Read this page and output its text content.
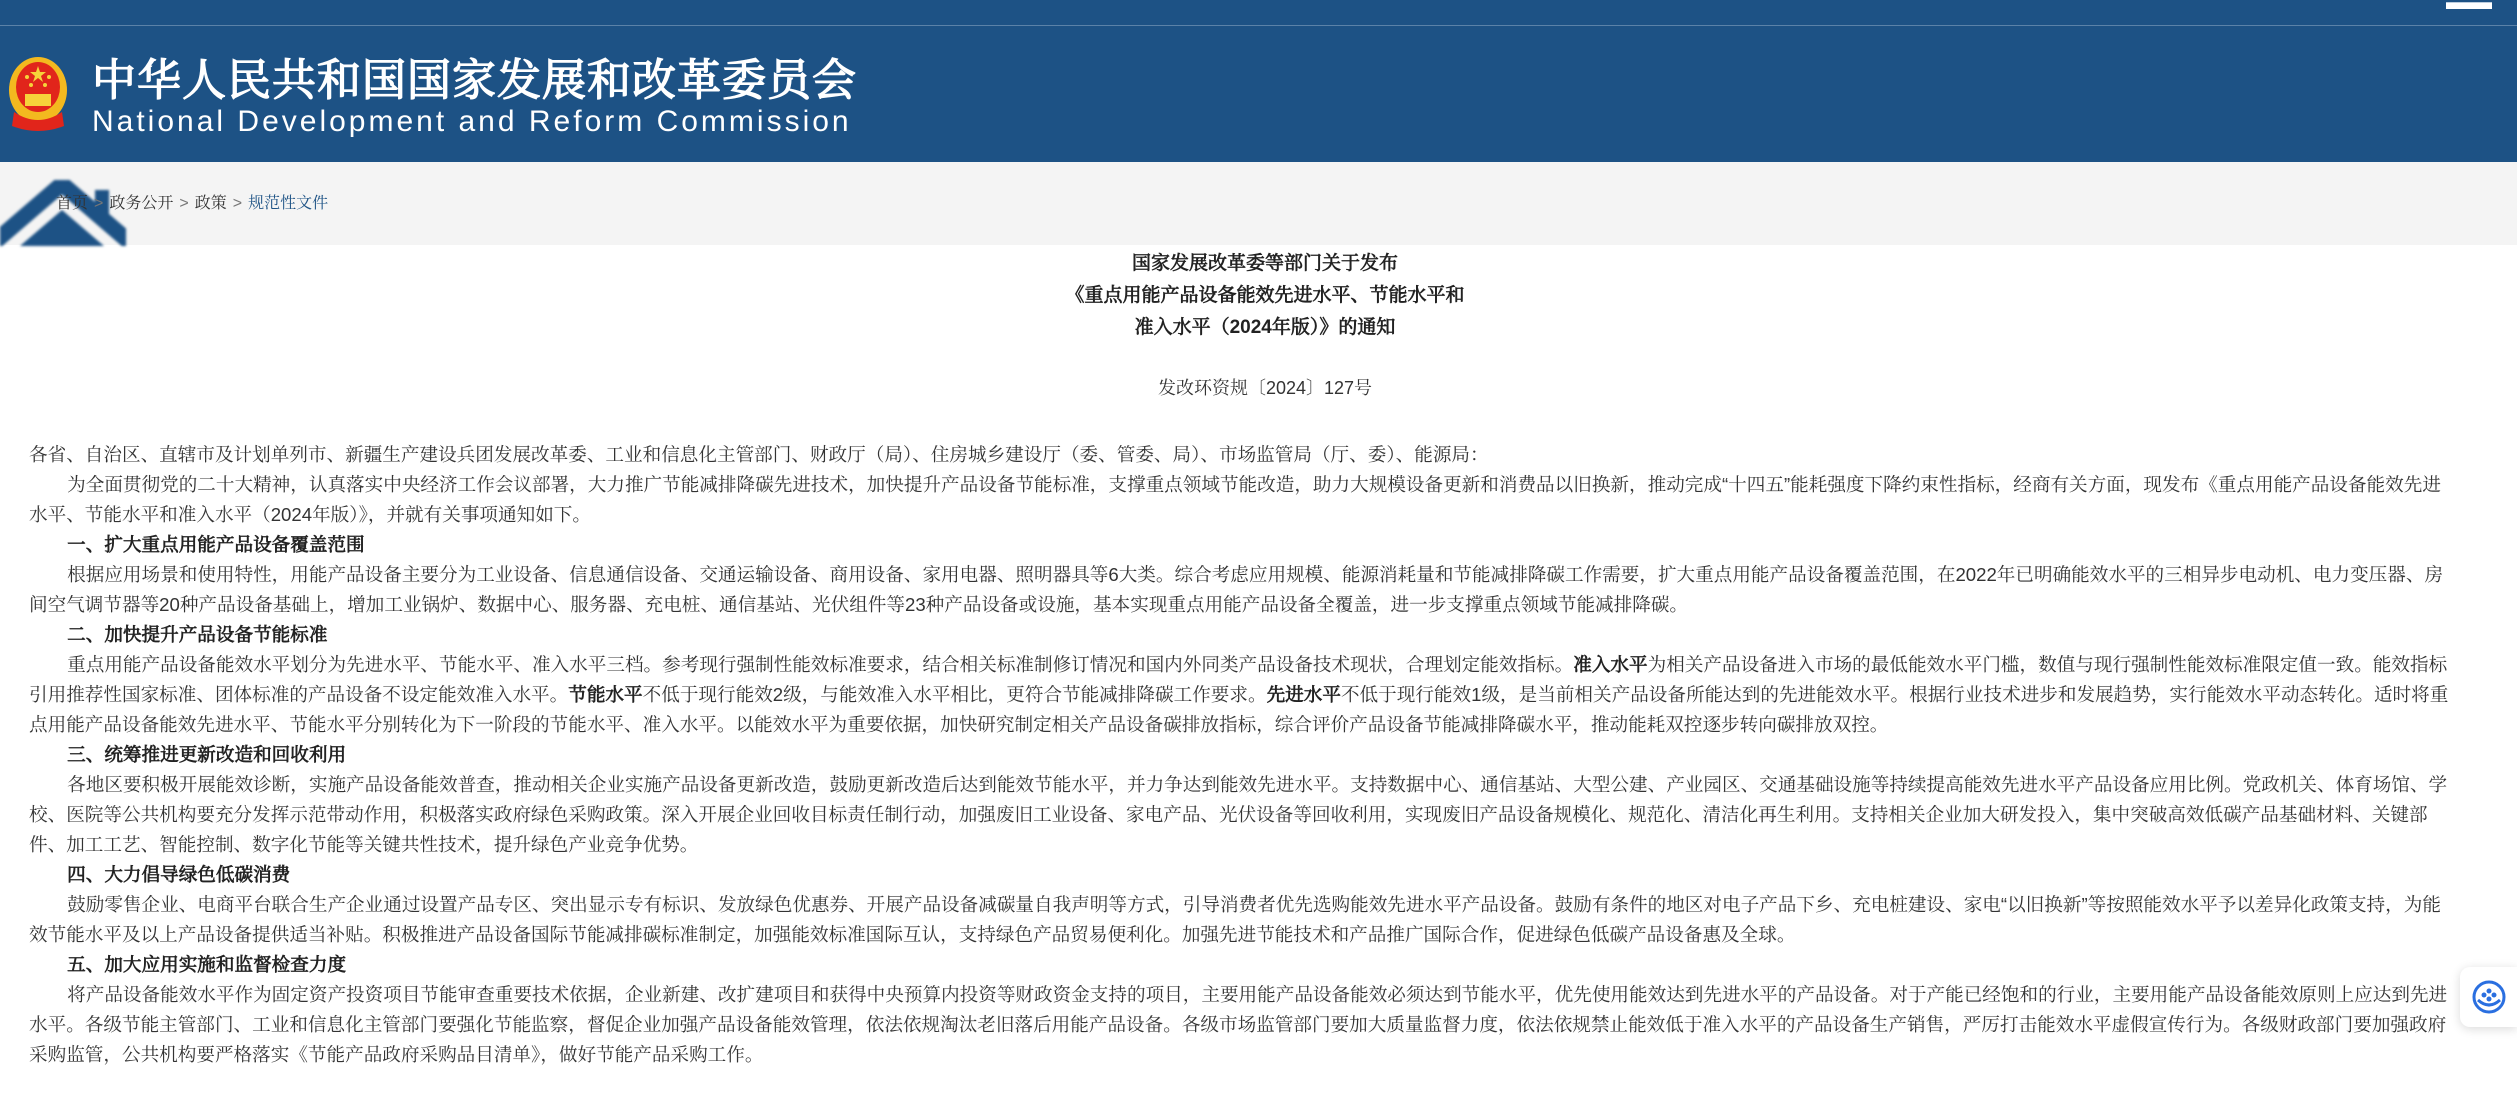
中华人民共和国国家发展和改革委员会
National Development and Reform Commission
首页 > 政务公开 > 政策 > 规范性文件
国家发展改革委等部门关于发布
《重点用能产品设备能效先进水平、节能水平和
准入水平（2024年版）》的通知
发改环资规〔2024〕127号

各省、自治区、直辖市及计划单列市、新疆生产建设兵团发展改革委、工业和信息化主管部门、财政厅（局）、住房城乡建设厅（委、管委、局）、市场监管局（厅、委）、能源局：

为全面贯彻党的二十大精神，认真落实中央经济工作会议部署，大力推广节能减排降碳先进技术，加快提升产品设备节能标准，支撑重点领域节能改造，助力大规模设备更新和消费品以旧换新，推动完成“十四五”能耗强度下降约束性指标，经商有关方面，现发布《重点用能产品设备能效先进水平、节能水平和准入水平（2024年版）》，并就有关事项通知如下。

一、扩大重点用能产品设备覆盖范围

根据应用场景和使用特性，用能产品设备主要分为工业设备、信息通信设备、交通运输设备、商用设备、家用电器、照明器具等6大类。综合考虑应用规模、能源消耗量和节能减排降碳工作需要，扩大重点用能产品设备覆盖范围，在2022年已明确能效水平的三相异步电动机、电力变压器、房间空气调节器等20种产品设备基础上，增加工业锅炉、数据中心、服务器、充电桩、通信基站、光伏组件等23种产品设备或设施，基本实现重点用能产品设备全覆盖，进一步支撑重点领域节能减排降碳。

二、加快提升产品设备节能标准

重点用能产品设备能效水平划分为先进水平、节能水平、准入水平三档。参考现行强制性能效标准要求，结合相关标准制修订情况和国内外同类产品设备技术现状，合理划定能效指标。准入水平为相关产品设备进入市场的最低能效水平门槛，数值与现行强制性能效标准限定值一致。能效指标引用推荐性国家标准、团体标准的产品设备不设定能效准入水平。节能水平不低于现行能效2级，与能效准入水平相比，更符合节能减排降碳工作要求。先进水平不低于现行能效1级，是当前相关产品设备所能达到的先进能效水平。根据行业技术进步和发展趋势，实行能效水平动态转化。适时将重点用能产品设备能效先进水平、节能水平分别转化为下一阶段的节能水平、准入水平。以能效水平为重要依据，加快研究制定相关产品设备碳排放指标，综合评价产品设备节能减排降碳水平，推动能耗双控逐步转向碳排放双控。

三、统筹推进更新改造和回收利用

各地区要积极开展能效诊断，实施产品设备能效普查，推动相关企业实施产品设备更新改造，鼓励更新改造后达到能效节能水平，并力争达到能效先进水平。支持数据中心、通信基站、大型公建、产业园区、交通基础设施等持续提高能效先进水平产品设备应用比例。党政机关、体育场馆、学校、医院等公共机构要充分发挥示范带动作用，积极落实政府绿色采购政策。深入开展企业回收目标责任制行动，加强废旧工业设备、家电产品、光伏设备等回收利用，实现废旧产品设备规模化、规范化、清洁化再生利用。支持相关企业加大研发投入，集中突破高效低碳产品基础材料、关键部件、加工工艺、智能控制、数字化节能等关键共性技术，提升绿色产业竞争优势。

四、大力倡导绿色低碳消费

鼓励零售企业、电商平台联合生产企业通过设置产品专区、突出显示专有标识、发放绿色优惠券、开展产品设备减碳量自我声明等方式，引导消费者优先选购能效先进水平产品设备。鼓励有条件的地区对电子产品下乡、充电桩建设、家电“以旧换新”等按照能效水平予以差异化政策支持，为能效节能水平及以上产品设备提供适当补贴。积极推进产品设备国际节能减排碳标准制定，加强能效标准国际互认，支持绿色产品贸易便利化。加强先进节能技术和产品推广国际合作，促进绿色低碳产品设备惠及全球。

五、加大应用实施和监督检查力度

将产品设备能效水平作为固定资产投资项目节能审查重要技术依据，企业新建、改扩建项目和获得中央预算内投资等财政资金支持的项目，主要用能产品设备能效必须达到节能水平，优先使用能效达到先进水平的产品设备。对于产能已经饱和的行业，主要用能产品设备能效原则上应达到先进水平。各级节能主管部门、工业和信息化主管部门要强化节能监察，督促企业加强产品设备能效管理，依法依规淘汰老旧落后用能产品设备。各级市场监管部门要加大质量监督力度，依法依规禁止能效低于准入水平的产品设备生产销售，严厉打击能效水平虚假宣传行为。各级财政部门要加强政府采购监管，公共机构要严格落实《节能产品政府采购品目清单》，做好节能产品采购工作。
